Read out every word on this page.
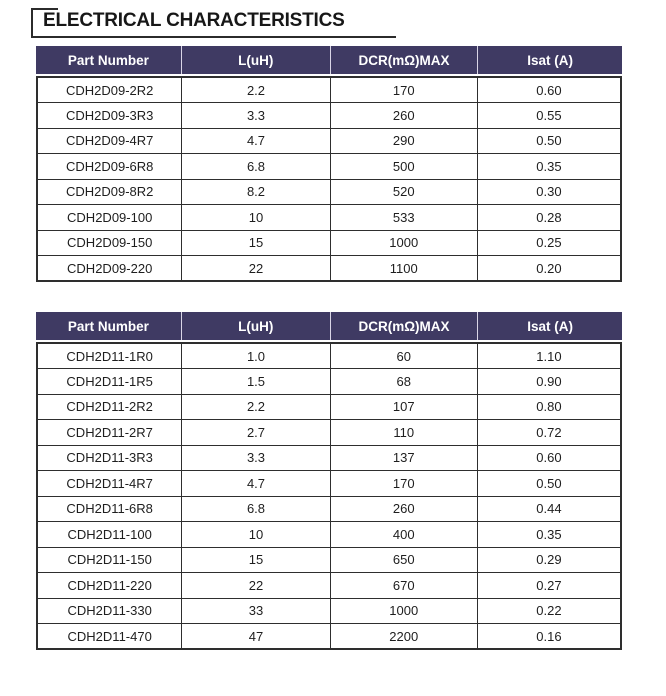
ELECTRICAL CHARACTERISTICS
Part Number	L(uH)	DCR(mΩ)MAX	Isat (A)
CDH2D09-2R2	2.2	170	0.60
CDH2D09-3R3	3.3	260	0.55
CDH2D09-4R7	4.7	290	0.50
CDH2D09-6R8	6.8	500	0.35
CDH2D09-8R2	8.2	520	0.30
CDH2D09-100	10	533	0.28
CDH2D09-150	15	1000	0.25
CDH2D09-220	22	1100	0.20
Part Number	L(uH)	DCR(mΩ)MAX	Isat (A)
CDH2D11-1R0	1.0	60	1.10
CDH2D11-1R5	1.5	68	0.90
CDH2D11-2R2	2.2	107	0.80
CDH2D11-2R7	2.7	110	0.72
CDH2D11-3R3	3.3	137	0.60
CDH2D11-4R7	4.7	170	0.50
CDH2D11-6R8	6.8	260	0.44
CDH2D11-100	10	400	0.35
CDH2D11-150	15	650	0.29
CDH2D11-220	22	670	0.27
CDH2D11-330	33	1000	0.22
CDH2D11-470	47	2200	0.16
